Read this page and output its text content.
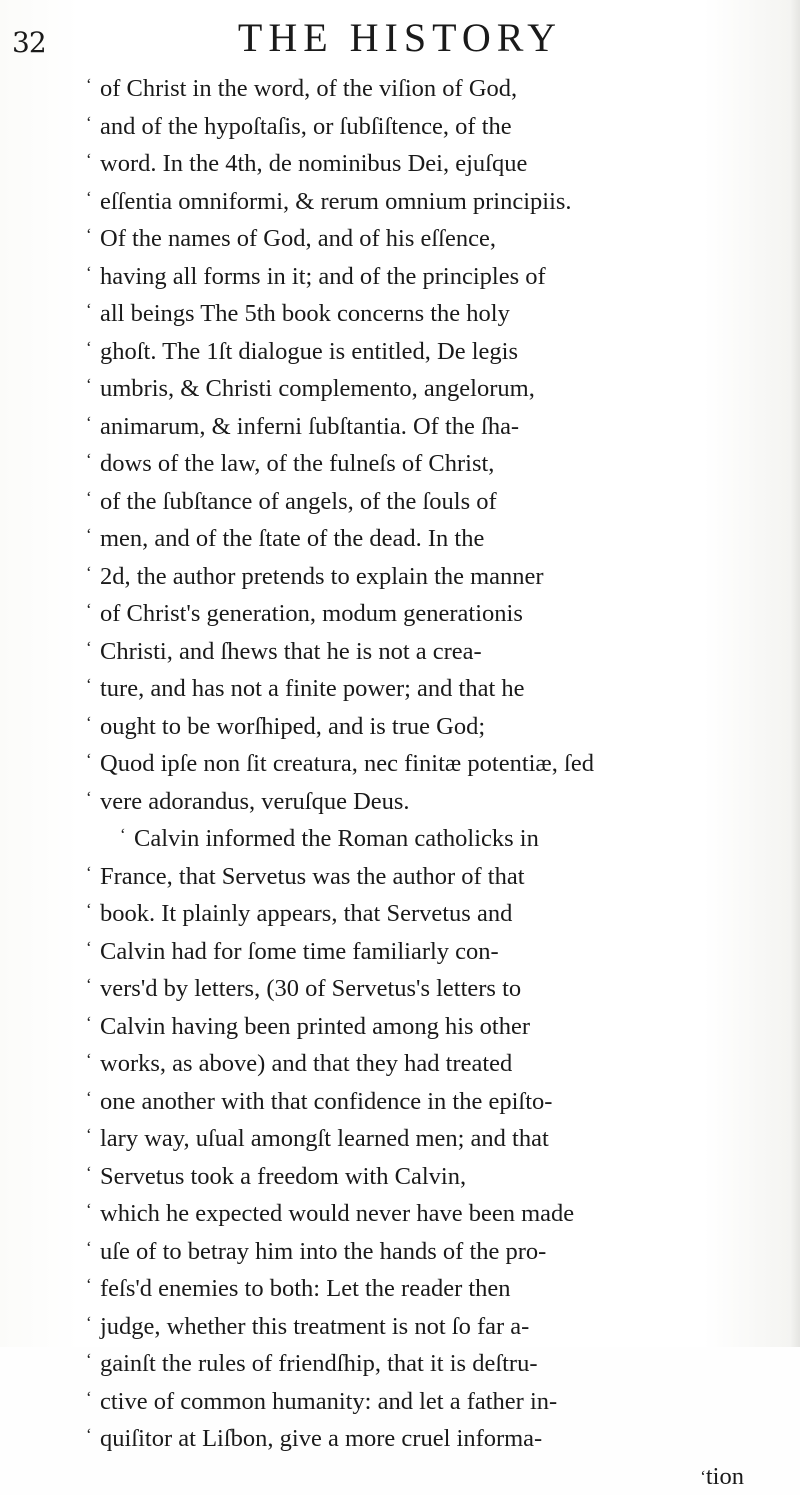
32	THE HISTORY
‘ of Christ in the word, of the viſion of God,
‘ and of the hypoſtaſis, or ſubſiſtence, of the
‘ word. In the 4th, de nominibus Dei, ejuſque
‘ eſſentia omniformi, & rerum omnium principiis.
‘ Of the names of God, and of his eſſence,
‘ having all forms in it; and of the principles of
‘ all beings The 5th book concerns the holy
‘ ghoſt. The 1ſt dialogue is entitled, De legis
‘ umbris, & Christi complemento, angelorum,
‘ animarum, & inferni ſubſtantia. Of the ſha-
‘ dows of the law, of the fulneſs of Christ,
‘ of the ſubſtance of angels, of the ſouls of
‘ men, and of the ſtate of the dead. In the
‘ 2d, the author pretends to explain the manner
‘ of Christ's generation, modum generationis
‘ Christi, and ſhews that he is not a crea-
‘ ture, and has not a finite power; and that he
‘ ought to be worſhiped, and is true God;
‘ Quod ipſe non ſit creatura, nec finitæ potentiæ, ſed
‘ vere adorandus, veruſque Deus.
‘ Calvin informed the Roman catholicks in
‘ France, that Servetus was the author of that
‘ book. It plainly appears, that Servetus and
‘ Calvin had for ſome time familiarly con-
‘ vers'd by letters, (30 of Servetus's letters to
‘ Calvin having been printed among his other
‘ works, as above) and that they had treated
‘ one another with that confidence in the epiſto-
‘ lary way, uſual amongſt learned men; and that
‘ Servetus took a freedom with Calvin,
‘ which he expected would never have been made
‘ uſe of to betray him into the hands of the pro-
‘ feſs'd enemies to both: Let the reader then
‘ judge, whether this treatment is not ſo far a-
‘ gainſt the rules of friendſhip, that it is deſtru-
‘ ctive of common humanity: and let a father in-
‘ quiſitor at Liſbon, give a more cruel informa-
‘tion
